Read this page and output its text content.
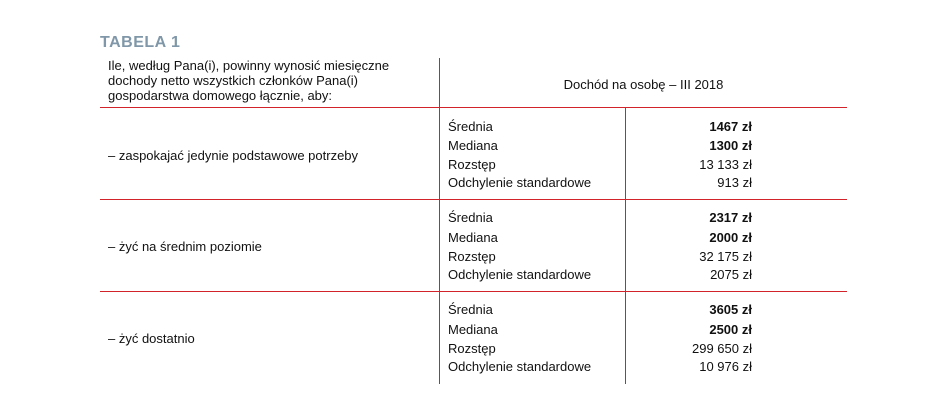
TABELA 1
Ile, według Pana(i), powinny wynosić miesięczne dochody netto wszystkich członków Pana(i) gospodarstwa domowego łącznie, aby:
Dochód na osobę – III 2018
– zaspokajać jedynie podstawowe potrzeby
Średnia	1467 zł
Mediana	1300 zł
Rozstęp	13 133 zł
Odchylenie standardowe	913 zł
– żyć na średnim poziomie
Średnia	2317 zł
Mediana	2000 zł
Rozstęp	32 175 zł
Odchylenie standardowe	2075 zł
– żyć dostatnio
Średnia	3605 zł
Mediana	2500 zł
Rozstęp	299 650 zł
Odchylenie standardowe	10 976 zł
